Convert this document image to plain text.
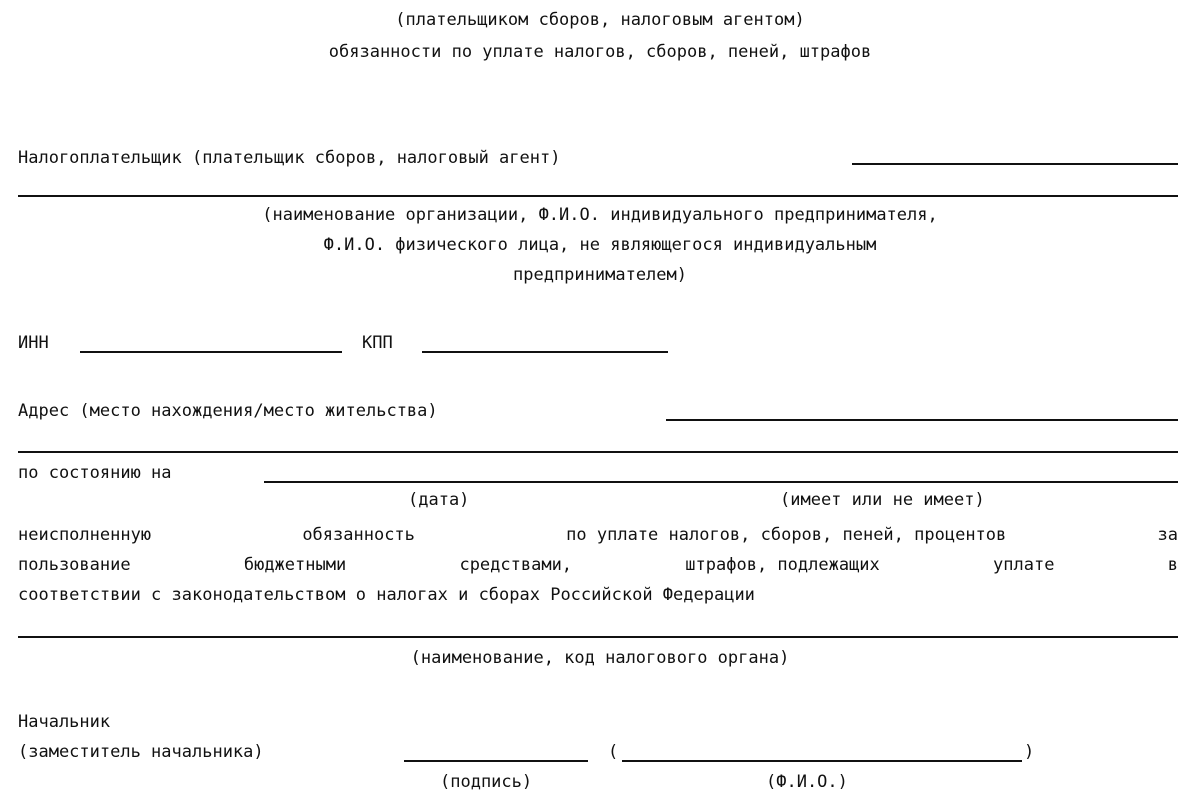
(плательщиком сборов, налоговым агентом)
обязанности по уплате налогов, сборов, пеней, штрафов
Налогоплательщик (плательщик сборов, налоговый агент)
(наименование организации, Ф.И.О. индивидуального предпринимателя,
Ф.И.О. физического лица, не являющегося индивидуальным
предпринимателем)
ИНН	КПП
Адрес (место нахождения/место жительства)
по состоянию на
(дата)	(имеет или не имеет)
неисполненную	обязанность	по уплате налогов, сборов, пеней, процентов	за
пользование	бюджетными	средствами,	штрафов, подлежащих	уплате	в
соответствии с законодательством о налогах и сборах Российской Федерации
(наименование, код налогового органа)
Начальник
(заместитель начальника)	(	)
(подпись)	(Ф.И.О.)
